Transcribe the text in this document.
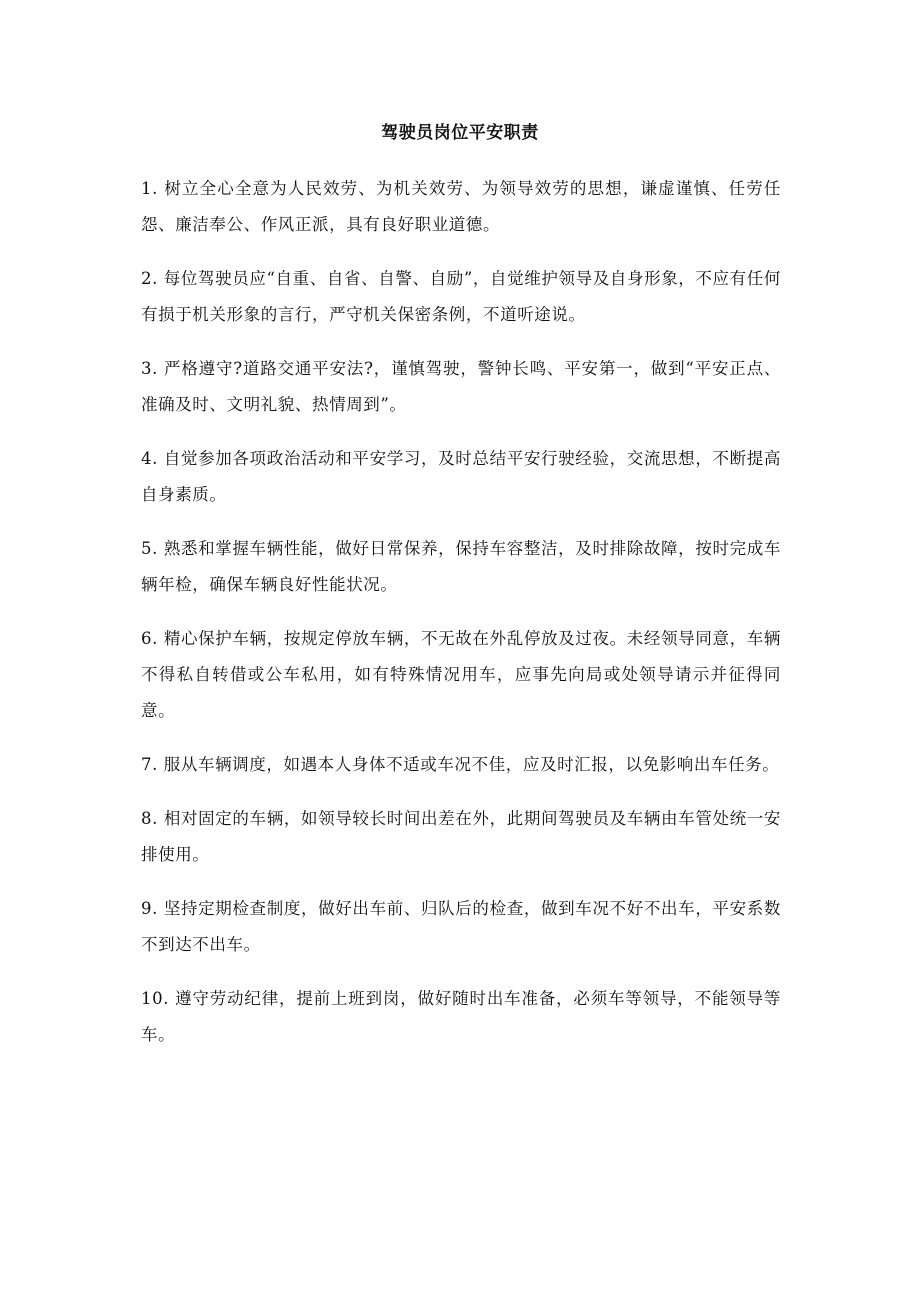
驾驶员岗位平安职责
1. 树立全心全意为人民效劳、为机关效劳、为领导效劳的思想，谦虚谨慎、任劳任怨、廉洁奉公、作风正派，具有良好职业道德。
2. 每位驾驶员应“自重、自省、自警、自励”，自觉维护领导及自身形象，不应有任何有损于机关形象的言行，严守机关保密条例，不道听途说。
3. 严格遵守?道路交通平安法?，谨慎驾驶，警钟长鸣、平安第一，做到“平安正点、准确及时、文明礼貌、热情周到”。
4. 自觉参加各项政治活动和平安学习，及时总结平安行驶经验，交流思想，不断提高自身素质。
5. 熟悉和掌握车辆性能，做好日常保养，保持车容整洁，及时排除故障，按时完成车辆年检，确保车辆良好性能状况。
6. 精心保护车辆，按规定停放车辆，不无故在外乱停放及过夜。未经领导同意，车辆不得私自转借或公车私用，如有特殊情况用车，应事先向局或处领导请示并征得同意。
7. 服从车辆调度，如遇本人身体不适或车况不佳，应及时汇报，以免影响出车任务。
8. 相对固定的车辆，如领导较长时间出差在外，此期间驾驶员及车辆由车管处统一安排使用。
9. 坚持定期检查制度，做好出车前、归队后的检查，做到车况不好不出车，平安系数不到达不出车。
10. 遵守劳动纪律，提前上班到岗，做好随时出车准备，必须车等领导，不能领导等车。
